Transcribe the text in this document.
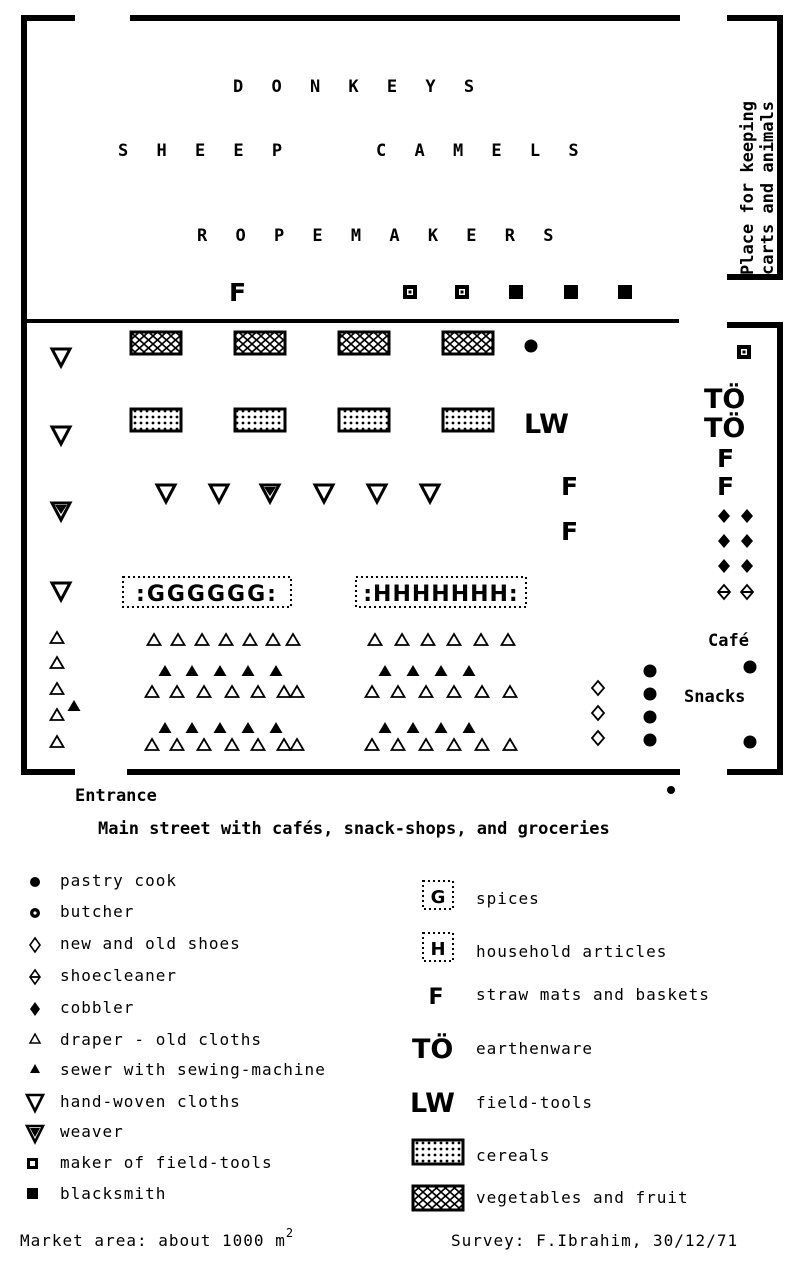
D O N K E Y S
S H E E P	C A M E L S
R O P E M A K E R S	Place for keeping carts and animals
F
LW
TÖ
TÖ
F
F
F
F
:GGGGGG:	:HHHHHHH:
Café
Snacks
Entrance
Main street with cafés, snack-shops, and groceries
pastry cook
butcher
new and old shoes
shoecleaner
cobbler
draper - old cloths
sewer with sewing-machine
hand-woven cloths
weaver
maker of field-tools
blacksmith
G spices
H household articles
F straw mats and baskets
TÖ earthenware
LW field-tools
cereals
vegetables and fruit
Market area: about 1000 $m^2$	Survey: F.Ibrahim, 30/12/71
